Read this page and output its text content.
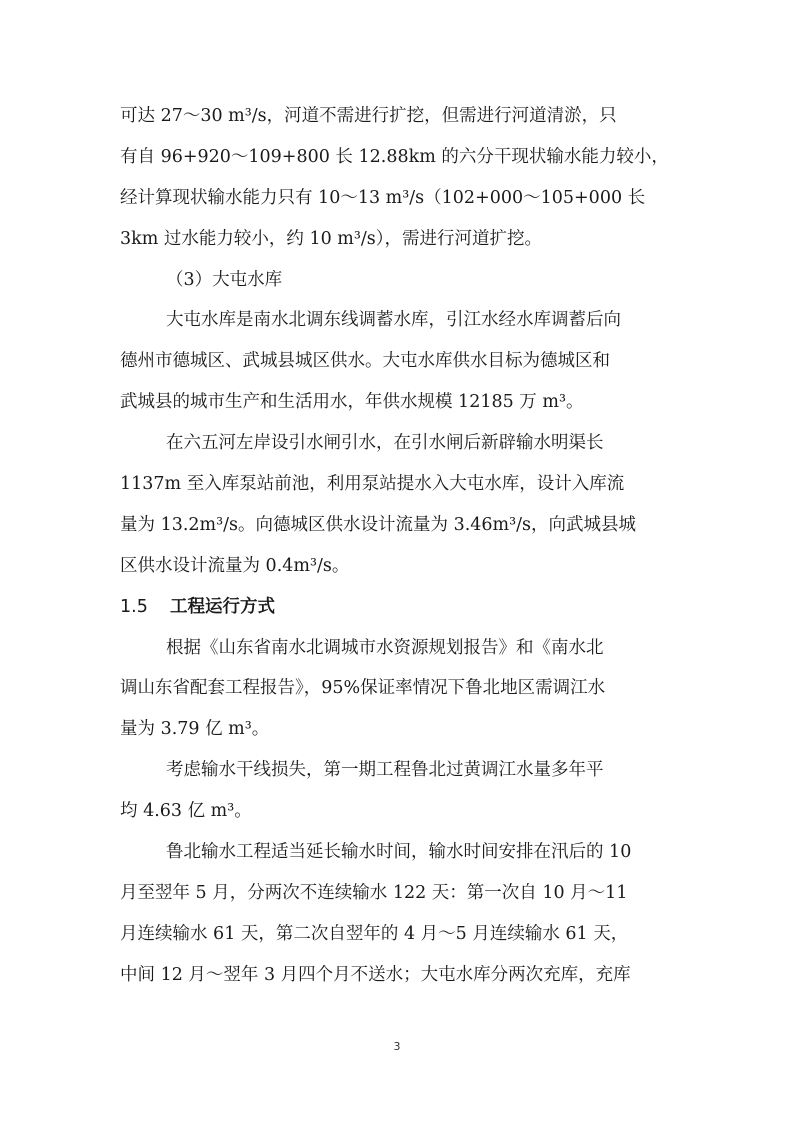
可达 27～30 m³/s，河道不需进行扩挖，但需进行河道清淤，只
有自 96+920～109+800 长 12.88km 的六分干现状输水能力较小，
经计算现状输水能力只有 10～13 m³/s（102+000～105+000 长
3km 过水能力较小，约 10 m³/s），需进行河道扩挖。
（3）大屯水库
大屯水库是南水北调东线调蓄水库，引江水经水库调蓄后向
德州市德城区、武城县城区供水。大屯水库供水目标为德城区和
武城县的城市生产和生活用水，年供水规模 12185 万 m³。
在六五河左岸设引水闸引水，在引水闸后新辟输水明渠长
1137m 至入库泵站前池，利用泵站提水入大屯水库，设计入库流
量为 13.2m³/s。向德城区供水设计流量为 3.46m³/s，向武城县城
区供水设计流量为 0.4m³/s。
1.5 工程运行方式
根据《山东省南水北调城市水资源规划报告》和《南水北
调山东省配套工程报告》，95%保证率情况下鲁北地区需调江水
量为 3.79 亿 m³。
考虑输水干线损失，第一期工程鲁北过黄调江水量多年平
均 4.63 亿 m³。
鲁北输水工程适当延长输水时间，输水时间安排在汛后的 10
月至翌年 5 月，分两次不连续输水 122 天：第一次自 10 月～11
月连续输水 61 天，第二次自翌年的 4 月～5 月连续输水 61 天，
中间 12 月～翌年 3 月四个月不送水；大屯水库分两次充库，充库
3
